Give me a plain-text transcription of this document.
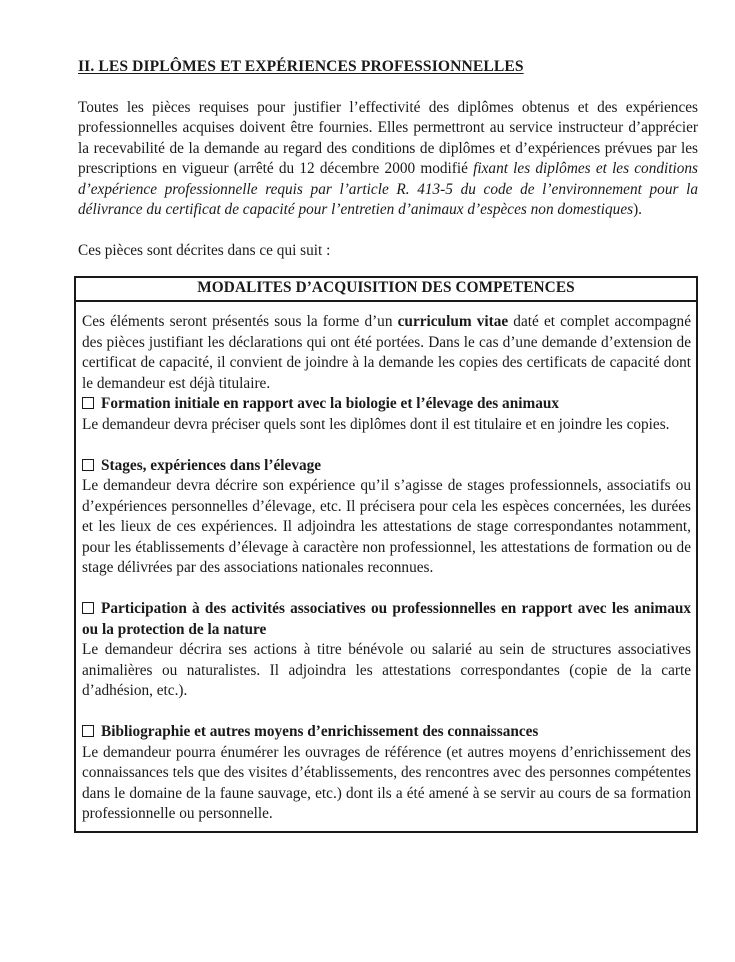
II. LES DIPLÔMES ET EXPÉRIENCES PROFESSIONNELLES

Toutes les pièces requises pour justifier l’effectivité des diplômes obtenus et des expériences professionnelles acquises doivent être fournies. Elles permettront au service instructeur d’apprécier la recevabilité de la demande au regard des conditions de diplômes et d’expériences prévues par les prescriptions en vigueur (arrêté du 12 décembre 2000 modifié fixant les diplômes et les conditions d’expérience professionnelle requis par l’article R. 413-5 du code de l’environnement pour la délivrance du certificat de capacité pour l’entretien d’animaux d’espèces non domestiques).

Ces pièces sont décrites dans ce qui suit :

MODALITES D’ACQUISITION DES COMPETENCES

Ces éléments seront présentés sous la forme d’un curriculum vitae daté et complet accompagné des pièces justifiant les déclarations qui ont été portées. Dans le cas d’une demande d’extension de certificat de capacité, il convient de joindre à la demande les copies des certificats de capacité dont le demandeur est déjà titulaire.

Formation initiale en rapport avec la biologie et l’élevage des animaux

Le demandeur devra préciser quels sont les diplômes dont il est titulaire et en joindre les copies.

Stages, expériences dans l’élevage

Le demandeur devra décrire son expérience qu’il s’agisse de stages professionnels, associatifs ou d’expériences personnelles d’élevage, etc. Il précisera pour cela les espèces concernées, les durées et les lieux de ces expériences. Il adjoindra les attestations de stage correspondantes notamment, pour les établissements d’élevage à caractère non professionnel, les attestations de formation ou de stage délivrées par des associations nationales reconnues.

Participation à des activités associatives ou professionnelles en rapport avec les animaux ou la protection de la nature

Le demandeur décrira ses actions à titre bénévole ou salarié au sein de structures associatives animalières ou naturalistes. Il adjoindra les attestations correspondantes (copie de la carte d’adhésion, etc.).

Bibliographie et autres moyens d’enrichissement des connaissances

Le demandeur pourra énumérer les ouvrages de référence (et autres moyens d’enrichissement des connaissances tels que des visites d’établissements, des rencontres avec des personnes compétentes dans le domaine de la faune sauvage, etc.) dont ils a été amené à se servir au cours de sa formation professionnelle ou personnelle.
